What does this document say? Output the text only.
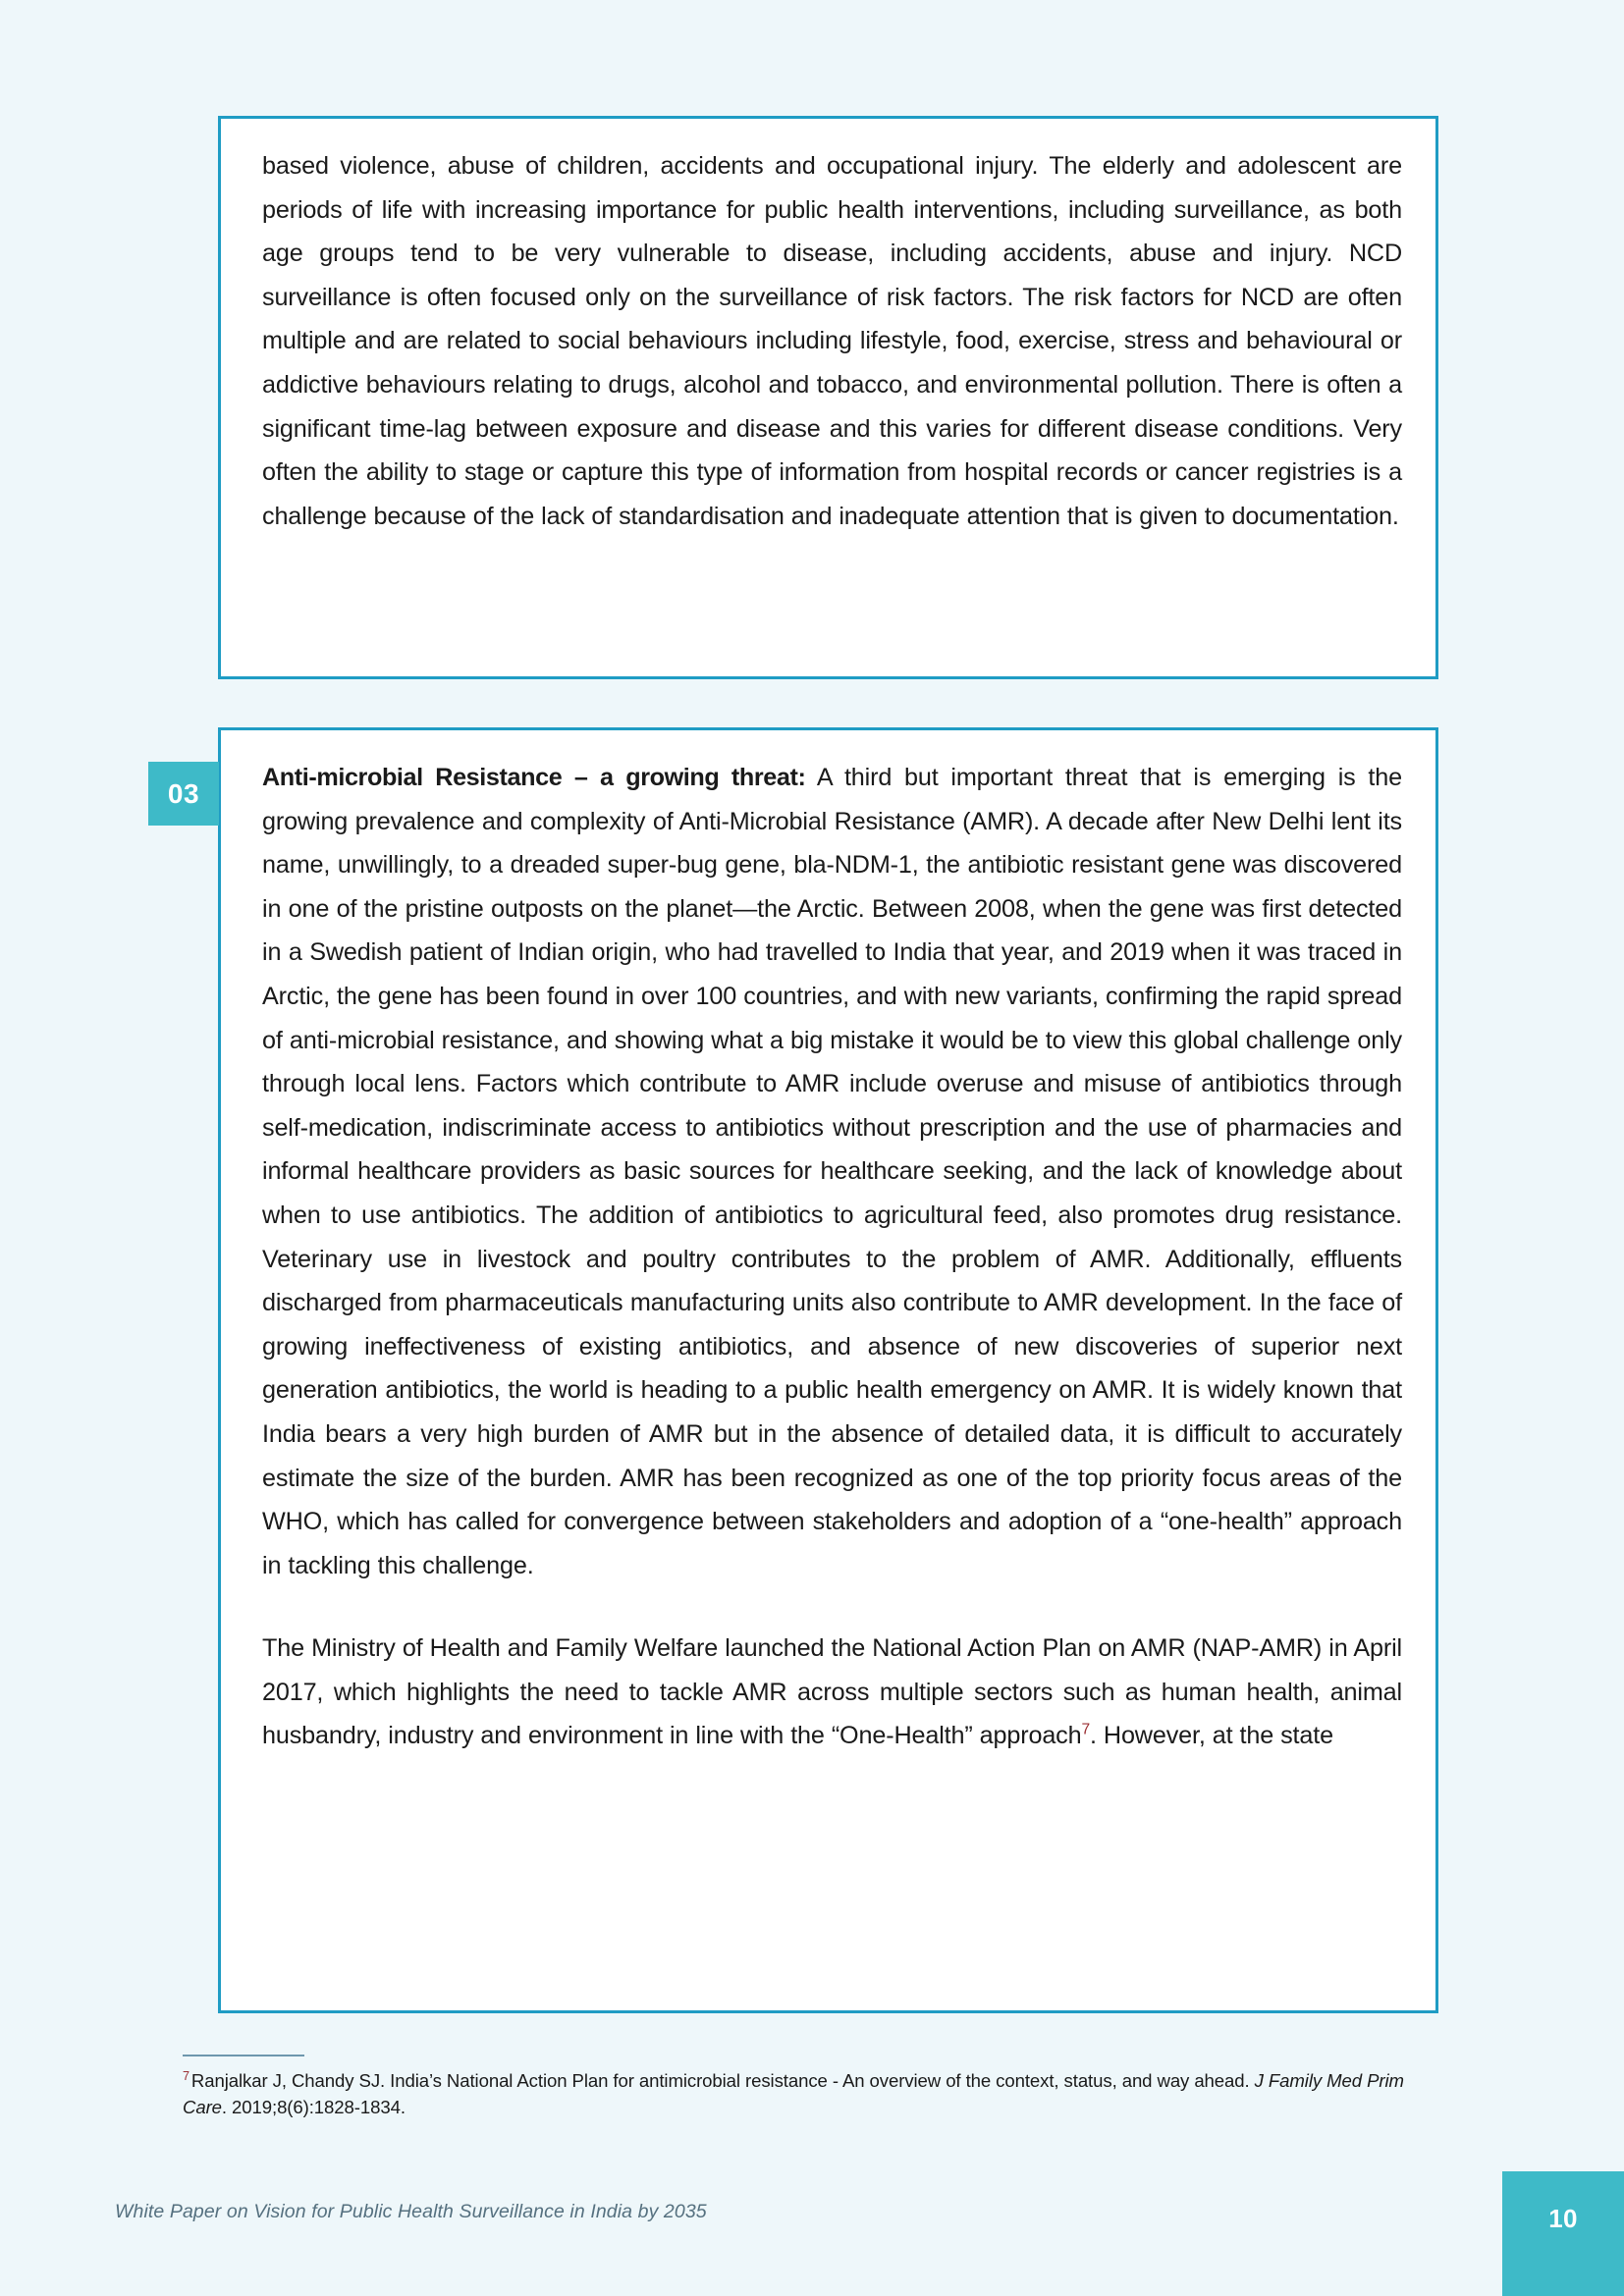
based violence, abuse of children, accidents and occupational injury. The elderly and adolescent are periods of life with increasing importance for public health interventions, including surveillance, as both age groups tend to be very vulnerable to disease, including accidents, abuse and injury. NCD surveillance is often focused only on the surveillance of risk factors. The risk factors for NCD are often multiple and are related to social behaviours including lifestyle, food, exercise, stress and behavioural or addictive behaviours relating to drugs, alcohol and tobacco, and environmental pollution. There is often a significant time-lag between exposure and disease and this varies for different disease conditions. Very often the ability to stage or capture this type of information from hospital records or cancer registries is a challenge because of the lack of standardisation and inadequate attention that is given to documentation.

03

Anti-microbial Resistance – a growing threat: A third but important threat that is emerging is the growing prevalence and complexity of Anti-Microbial Resistance (AMR). A decade after New Delhi lent its name, unwillingly, to a dreaded super-bug gene, bla-NDM-1, the antibiotic resistant gene was discovered in one of the pristine outposts on the planet—the Arctic. Between 2008, when the gene was first detected in a Swedish patient of Indian origin, who had travelled to India that year, and 2019 when it was traced in Arctic, the gene has been found in over 100 countries, and with new variants, confirming the rapid spread of anti-microbial resistance, and showing what a big mistake it would be to view this global challenge only through local lens. Factors which contribute to AMR include overuse and misuse of antibiotics through self-medication, indiscriminate access to antibiotics without prescription and the use of pharmacies and informal healthcare providers as basic sources for healthcare seeking, and the lack of knowledge about when to use antibiotics. The addition of antibiotics to agricultural feed, also promotes drug resistance. Veterinary use in livestock and poultry contributes to the problem of AMR. Additionally, effluents discharged from pharmaceuticals manufacturing units also contribute to AMR development. In the face of growing ineffectiveness of existing antibiotics, and absence of new discoveries of superior next generation antibiotics, the world is heading to a public health emergency on AMR. It is widely known that India bears a very high burden of AMR but in the absence of detailed data, it is difficult to accurately estimate the size of the burden. AMR has been recognized as one of the top priority focus areas of the WHO, which has called for convergence between stakeholders and adoption of a “one-health” approach in tackling this challenge.

The Ministry of Health and Family Welfare launched the National Action Plan on AMR (NAP-AMR) in April 2017, which highlights the need to tackle AMR across multiple sectors such as human health, animal husbandry, industry and environment in line with the “One-Health” approach$^7$. However, at the state

$^7$ Ranjalkar J, Chandy SJ. India’s National Action Plan for antimicrobial resistance - An overview of the context, status, and way ahead. J Family Med Prim Care. 2019;8(6):1828-1834.

White Paper on Vision for Public Health Surveillance in India by 2035	10
